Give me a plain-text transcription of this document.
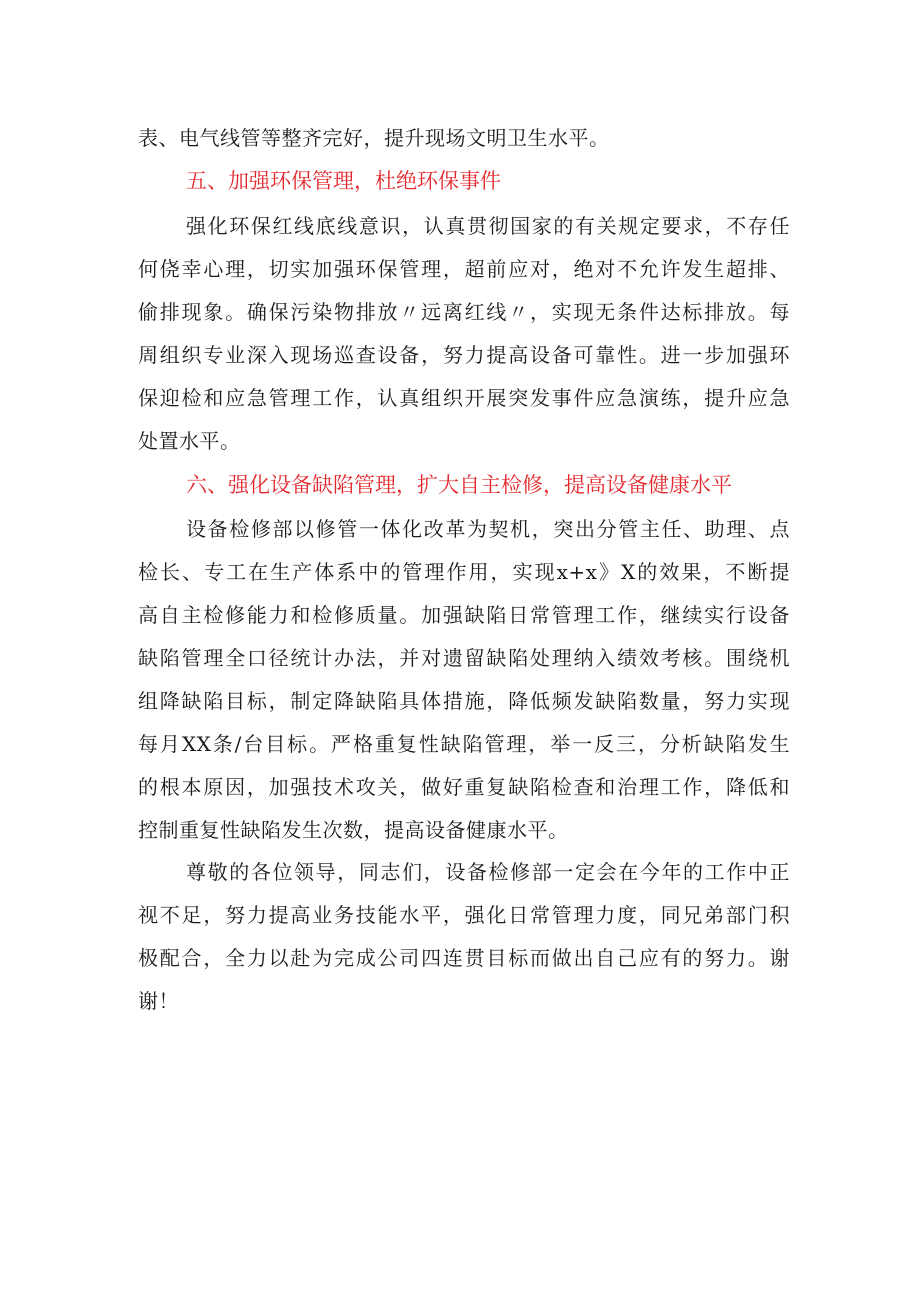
表、电气线管等整齐完好，提升现场文明卫生水平。
五、加强环保管理，杜绝环保事件
强化环保红线底线意识，认真贯彻国家的有关规定要求，不存任
何侥幸心理，切实加强环保管理，超前应对，绝对不允许发生超排、
偷排现象。确保污染物排放〃远离红线〃，实现无条件达标排放。每
周组织专业深入现场巡查设备，努力提高设备可靠性。进一步加强环
保迎检和应急管理工作，认真组织开展突发事件应急演练，提升应急
处置水平。
六、强化设备缺陷管理，扩大自主检修，提高设备健康水平
设备检修部以修管一体化改革为契机，突出分管主任、助理、点
检长、专工在生产体系中的管理作用，实现x+x》X的效果，不断提
高自主检修能力和检修质量。加强缺陷日常管理工作，继续实行设备
缺陷管理全口径统计办法，并对遗留缺陷处理纳入绩效考核。围绕机
组降缺陷目标，制定降缺陷具体措施，降低频发缺陷数量，努力实现
每月XX条/台目标。严格重复性缺陷管理，举一反三，分析缺陷发生
的根本原因，加强技术攻关，做好重复缺陷检查和治理工作，降低和
控制重复性缺陷发生次数，提高设备健康水平。
尊敬的各位领导，同志们，设备检修部一定会在今年的工作中正
视不足，努力提高业务技能水平，强化日常管理力度，同兄弟部门积
极配合，全力以赴为完成公司四连贯目标而做出自己应有的努力。谢
谢！
